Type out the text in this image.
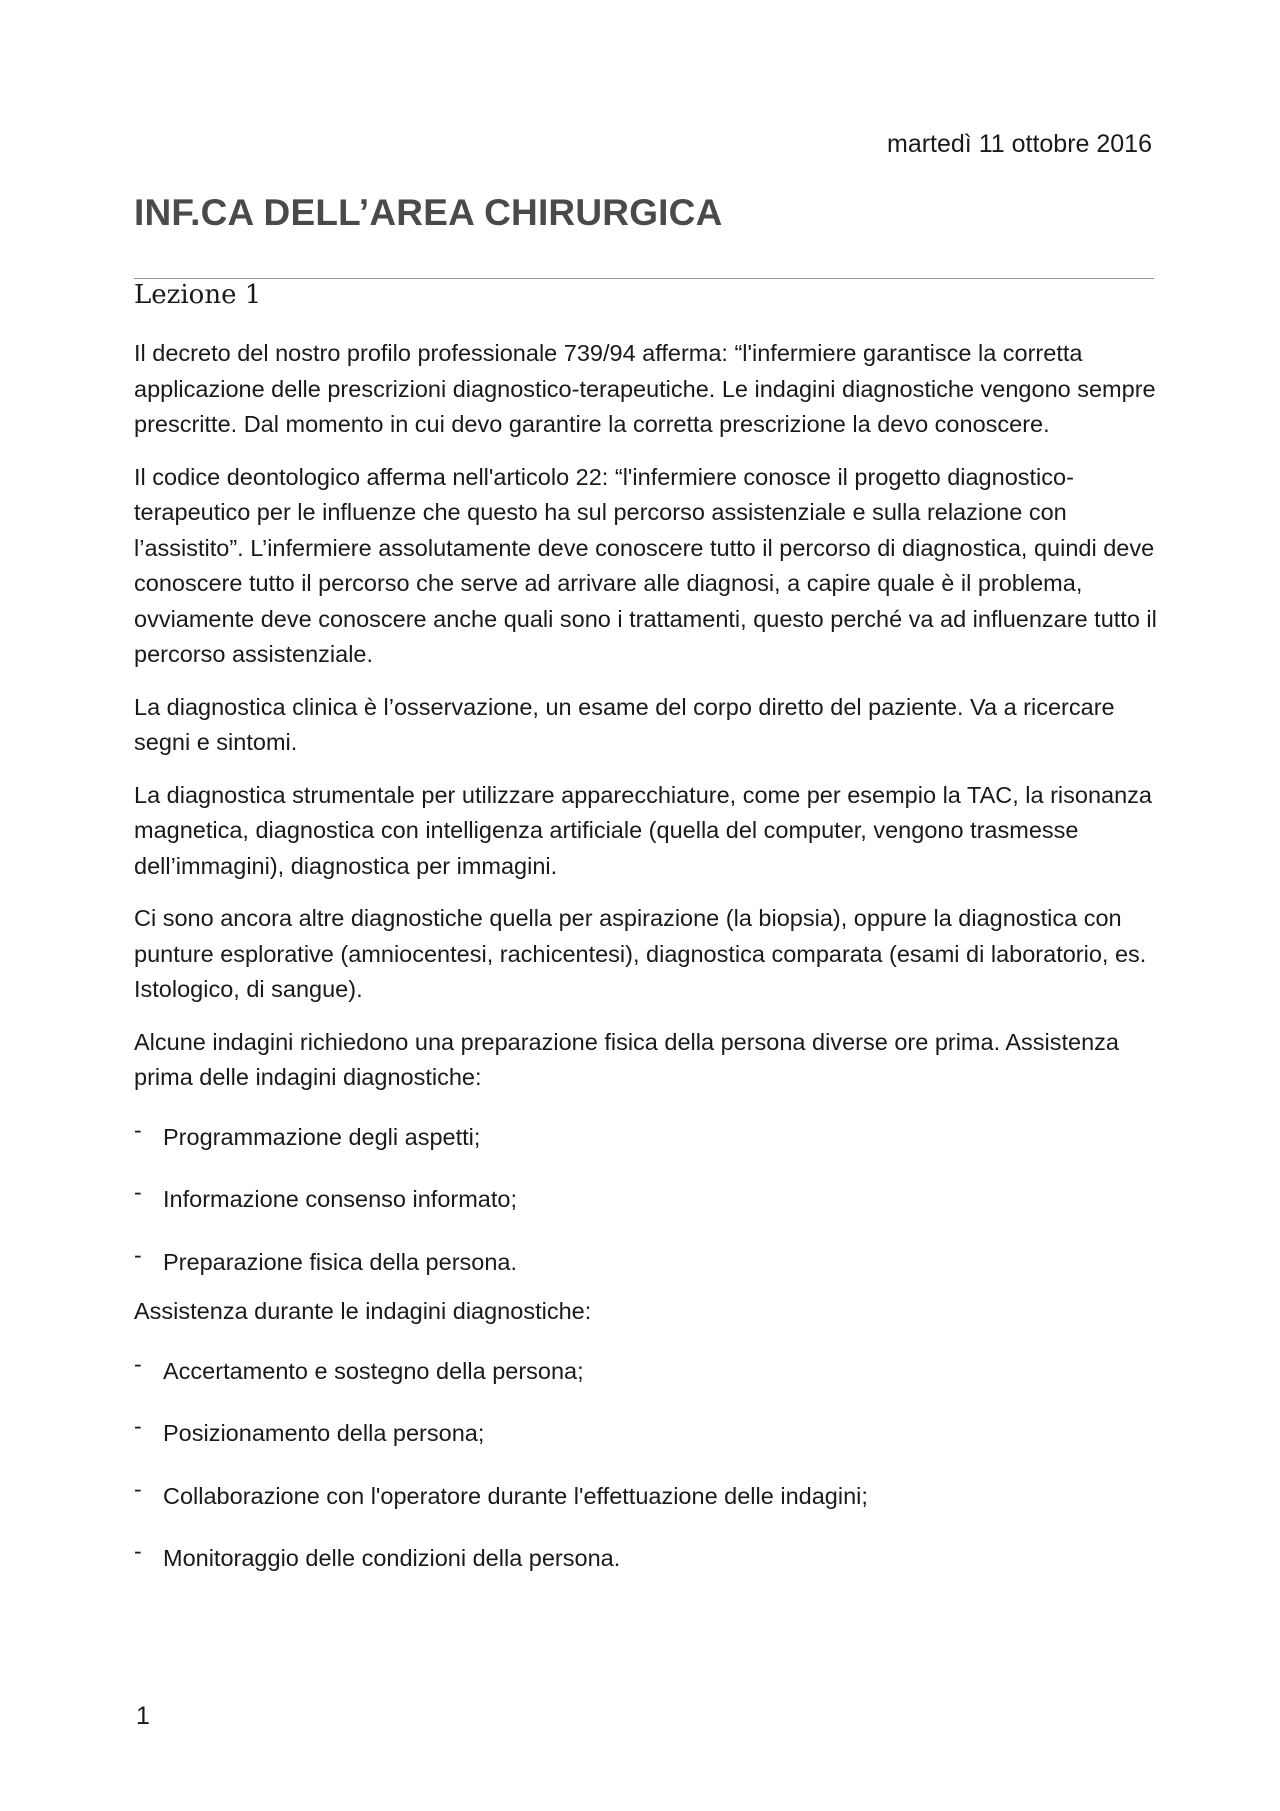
martedì 11 ottobre 2016
INF.CA DELL’AREA CHIRURGICA
Lezione 1

Il decreto del nostro profilo professionale 739/94 afferma: “l'infermiere garantisce la corretta applicazione delle prescrizioni diagnostico-terapeutiche. Le indagini diagnostiche vengono sempre prescritte. Dal momento in cui devo garantire la corretta prescrizione la devo conoscere.

Il codice deontologico afferma nell'articolo 22: “l'infermiere conosce il progetto diagnostico-terapeutico per le influenze che questo ha sul percorso assistenziale e sulla relazione con l’assistito”. L’infermiere assolutamente deve conoscere tutto il percorso di diagnostica, quindi deve conoscere tutto il percorso che serve ad arrivare alle diagnosi, a capire quale è il problema, ovviamente deve conoscere anche quali sono i trattamenti, questo perché va ad influenzare tutto il percorso assistenziale.

La diagnostica clinica è l’osservazione, un esame del corpo diretto del paziente. Va a ricercare segni e sintomi.

La diagnostica strumentale per utilizzare apparecchiature, come per esempio la TAC, la risonanza magnetica, diagnostica con intelligenza artificiale (quella del computer, vengono trasmesse dell’immagini), diagnostica per immagini.

Ci sono ancora altre diagnostiche quella per aspirazione (la biopsia), oppure la diagnostica con punture esplorative (amniocentesi, rachicentesi), diagnostica comparata (esami di laboratorio, es. Istologico, di sangue).

Alcune indagini richiedono una preparazione fisica della persona diverse ore prima. Assistenza prima delle indagini diagnostiche:

- Programmazione degli aspetti;
- Informazione consenso informato;
- Preparazione fisica della persona.

Assistenza durante le indagini diagnostiche:

- Accertamento e sostegno della persona;
- Posizionamento della persona;
- Collaborazione con l'operatore durante l'effettuazione delle indagini;
- Monitoraggio delle condizioni della persona.
1
